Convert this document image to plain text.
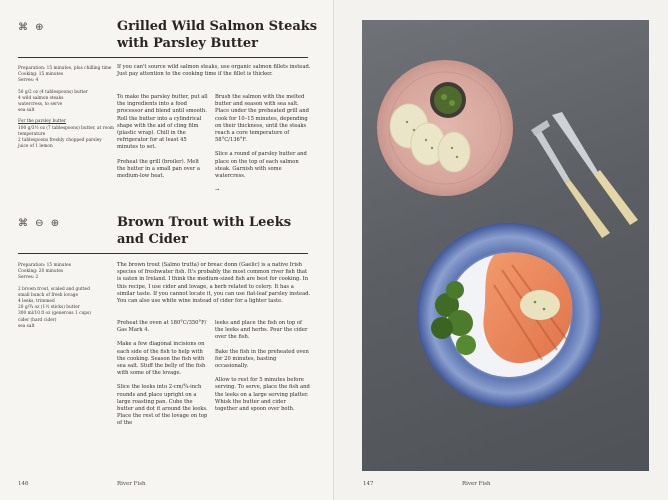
⌘ ⊕	Grilled Wild Salmon Steaks
with Parsley Butter
Preparation: 15 minutes, plus chilling time
Cooking: 15 minutes
Serves: 4
50 g/2 oz (4 tablespoons) butter
4 wild salmon steaks
watercress, to serve
sea salt
For the parsley butter
100 g/3½ oz (7 tablespoons) butter, at room
temperature
2 tablespoons freshly chopped parsley
juice of 1 lemon
If you can't source wild salmon steaks, use organic salmon fillets instead. Just pay attention to the cooking time if the fillet is thicker.

To make the parsley butter, put all the ingredients into a food processor and blend until smooth. Roll the butter into a cylindrical shape with the aid of cling film (plastic wrap). Chill in the refrigerator for at least 45 minutes to set.

Preheat the grill (broiler). Melt the butter in a small pan over a medium-low heat.

Brush the salmon with the melted butter and season with sea salt. Place under the preheated grill and cook for 10–15 minutes, depending on their thickness, until the steaks reach a core temperature of 58°C/136°F.

Slice a round of parsley butter and place on the top of each salmon steak. Garnish with some watercress.

→

⌘ ⊖ ⊕	Brown Trout with Leeks
and Cider
Preparation: 15 minutes
Cooking: 20 minutes
Serves: 2
2 brown trout, scaled and gutted
small bunch of fresh lovage
4 leeks, trimmed
20 g/¾ oz (1½ sticks) butter
300 ml/10 fl oz (generous 1 cups)
cider (hard cider)
sea salt
The brown trout (Salmo trutta) or breac donn (Gaelic) is a native Irish species of freshwater fish. It's probably the most common river fish that is eaten in Ireland. I think the medium-sized fish are best for cooking. In this recipe, I use cider and lovage, a herb related to celery. It has a similar taste. If you cannot locate it, you can use flat-leaf parsley instead. You can also use white wine instead of cider for a lighter taste.

Preheat the oven at 180°C/350°F/ Gas Mark 4.

Make a few diagonal incisions on each side of the fish to help with the cooking. Season the fish with sea salt. Stuff the belly of the fish with some of the lovage.

Slice the leeks into 2-cm/¾-inch rounds and place upright on a large roasting pan. Cube the butter and dot it around the leeks. Place the rest of the lovage on top of the

leeks and place the fish on top of the leeks and herbs. Pour the cider over the fish.

Bake the fish in the preheated oven for 20 minutes, basting occasionally.

Allow to rest for 5 minutes before serving. To serve, place the fish and the leeks on a large serving platter. Whisk the butter and cider together and spoon over both.

146	River Fish	147	River Fish
